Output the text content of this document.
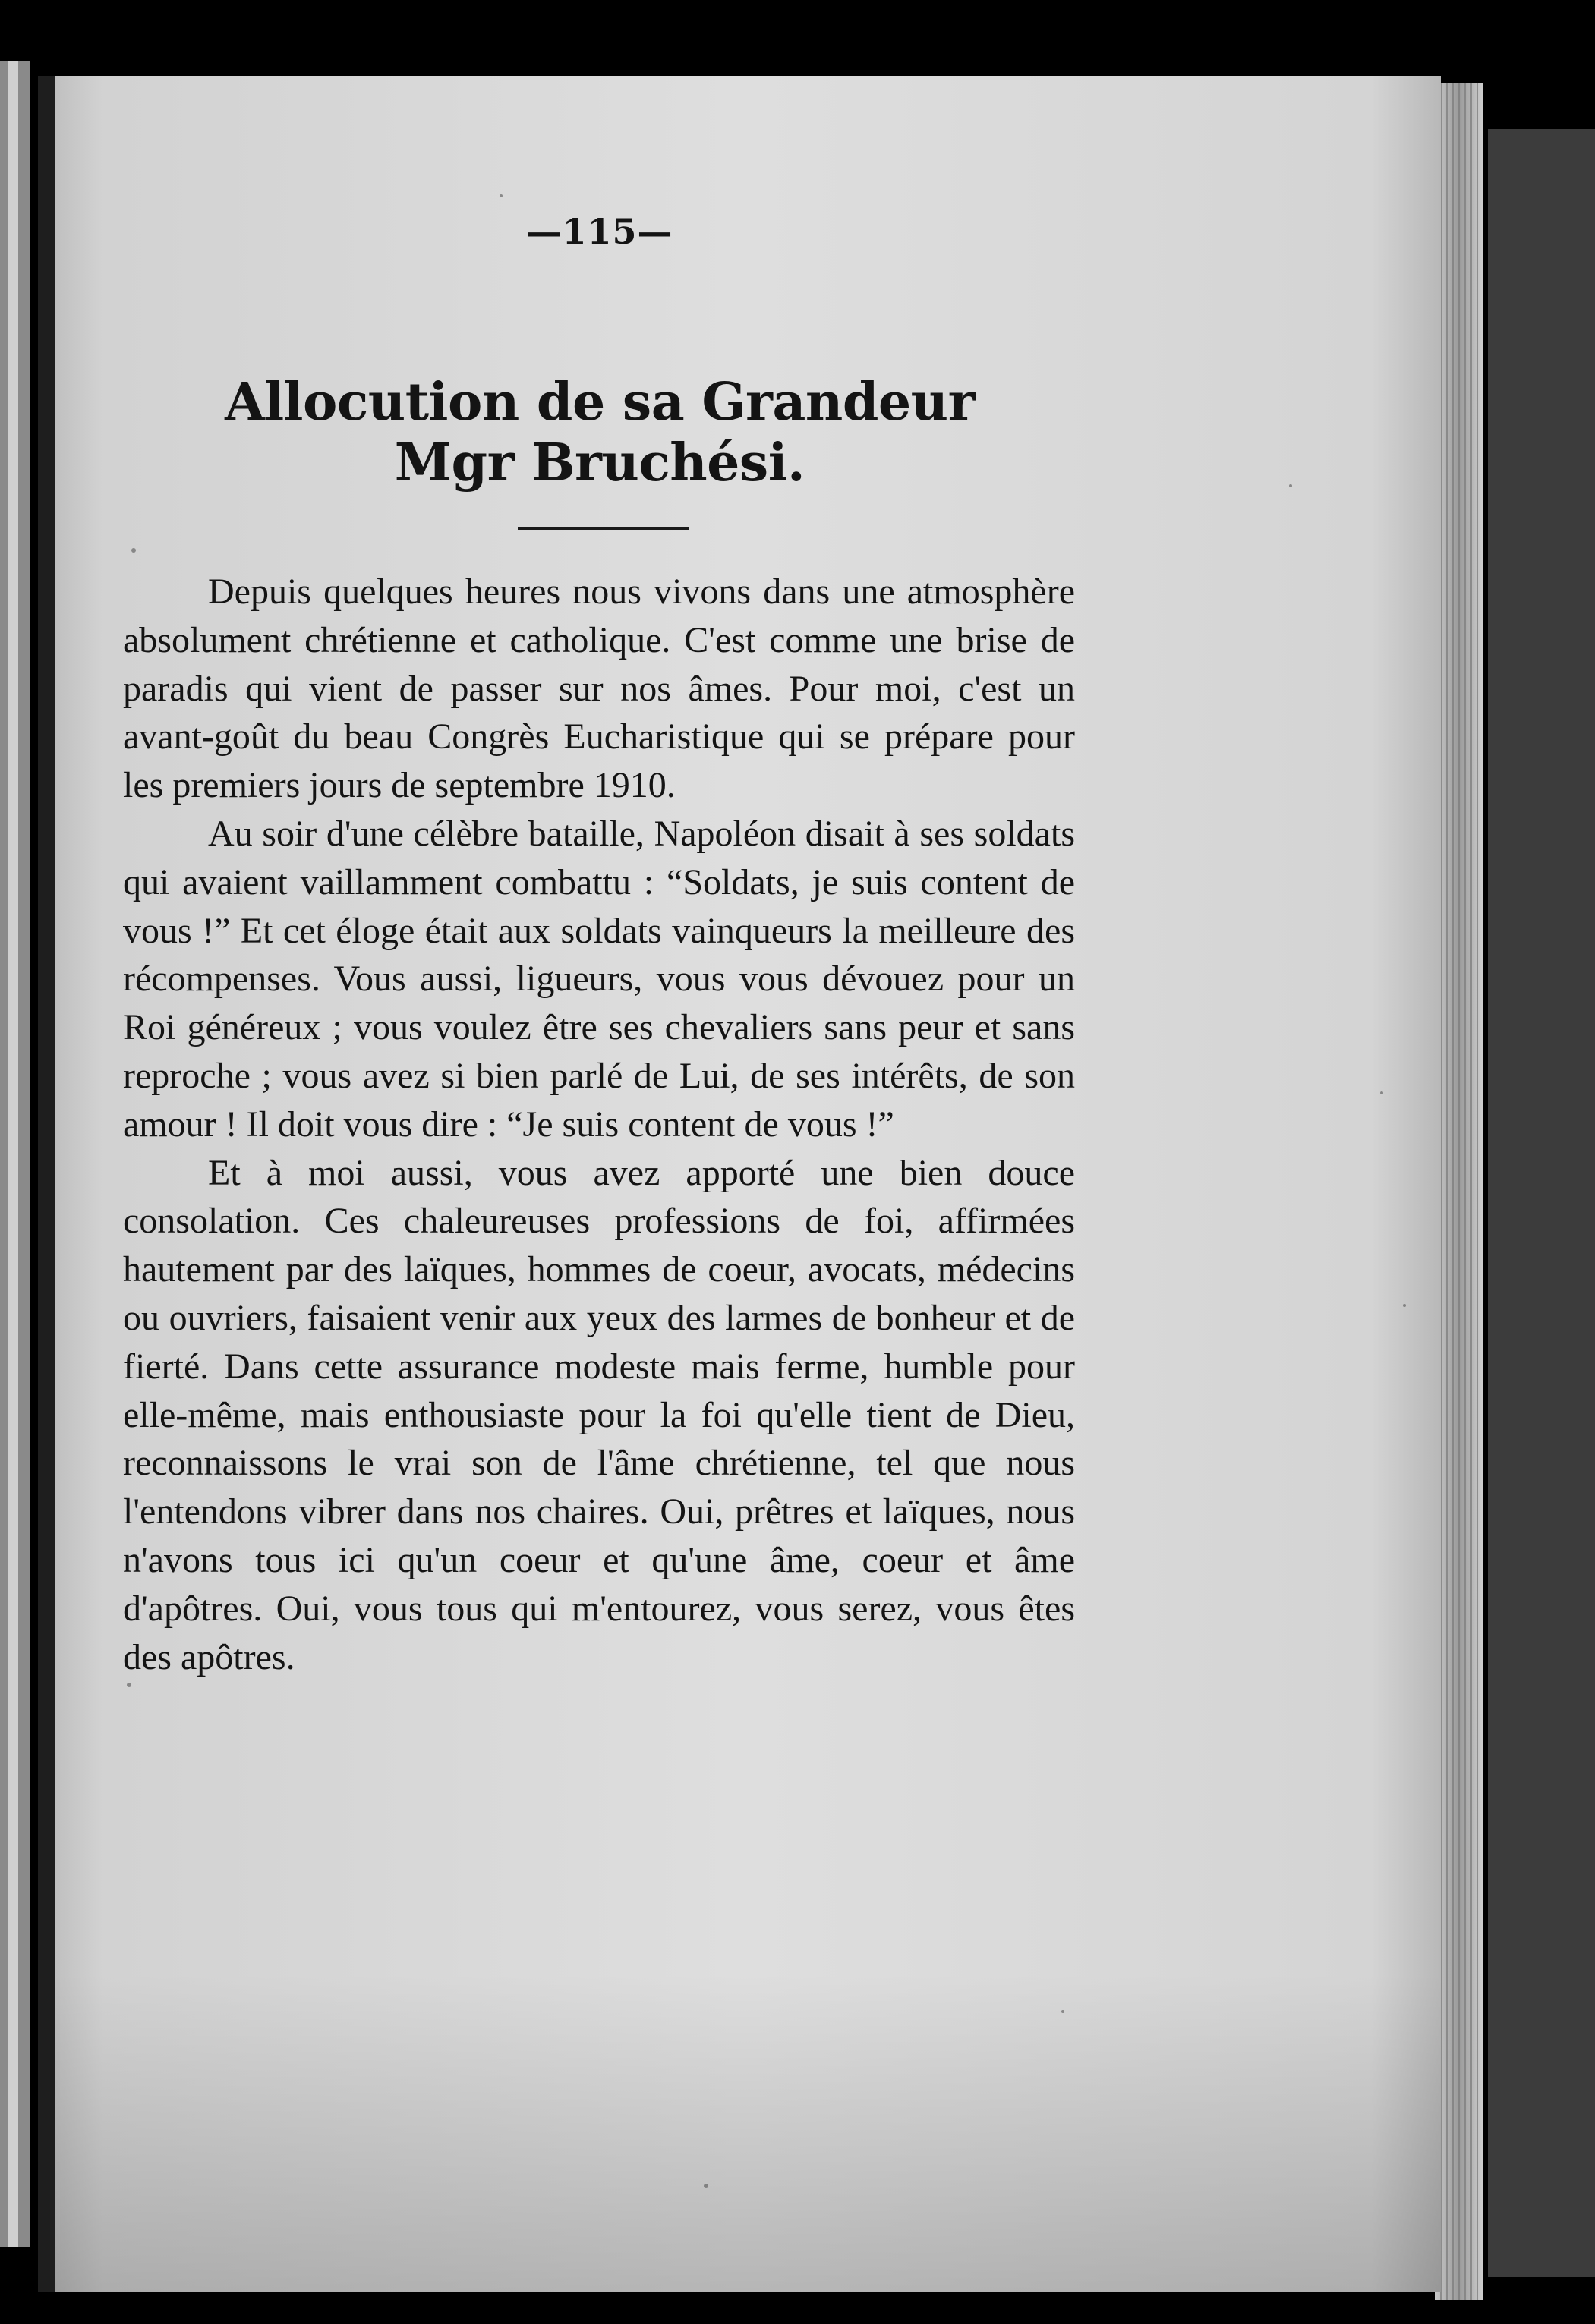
—115—
Allocution de sa Grandeur
Mgr Bruchési.

Depuis quelques heures nous vivons dans une atmosphère absolument chrétienne et catholique. C'est comme une brise de paradis qui vient de passer sur nos âmes. Pour moi, c'est un avant-goût du beau Congrès Eucharistique qui se prépare pour les premiers jours de septembre 1910.

Au soir d'une célèbre bataille, Napoléon disait à ses soldats qui avaient vaillamment combattu : “Soldats, je suis content de vous !” Et cet éloge était aux soldats vainqueurs la meilleure des récompenses. Vous aussi, ligueurs, vous vous dévouez pour un Roi généreux ; vous voulez être ses chevaliers sans peur et sans reproche ; vous avez si bien parlé de Lui, de ses intérêts, de son amour ! Il doit vous dire : “Je suis content de vous !”

Et à moi aussi, vous avez apporté une bien douce consolation. Ces chaleureuses professions de foi, affirmées hautement par des laïques, hommes de coeur, avocats, médecins ou ouvriers, faisaient venir aux yeux des larmes de bonheur et de fierté. Dans cette assurance modeste mais ferme, humble pour elle-même, mais enthousiaste pour la foi qu'elle tient de Dieu, reconnaissons le vrai son de l'âme chrétienne, tel que nous l'entendons vibrer dans nos chaires. Oui, prêtres et laïques, nous n'avons tous ici qu'un coeur et qu'une âme, coeur et âme d'apôtres. Oui, vous tous qui m'entourez, vous serez, vous êtes des apôtres.
